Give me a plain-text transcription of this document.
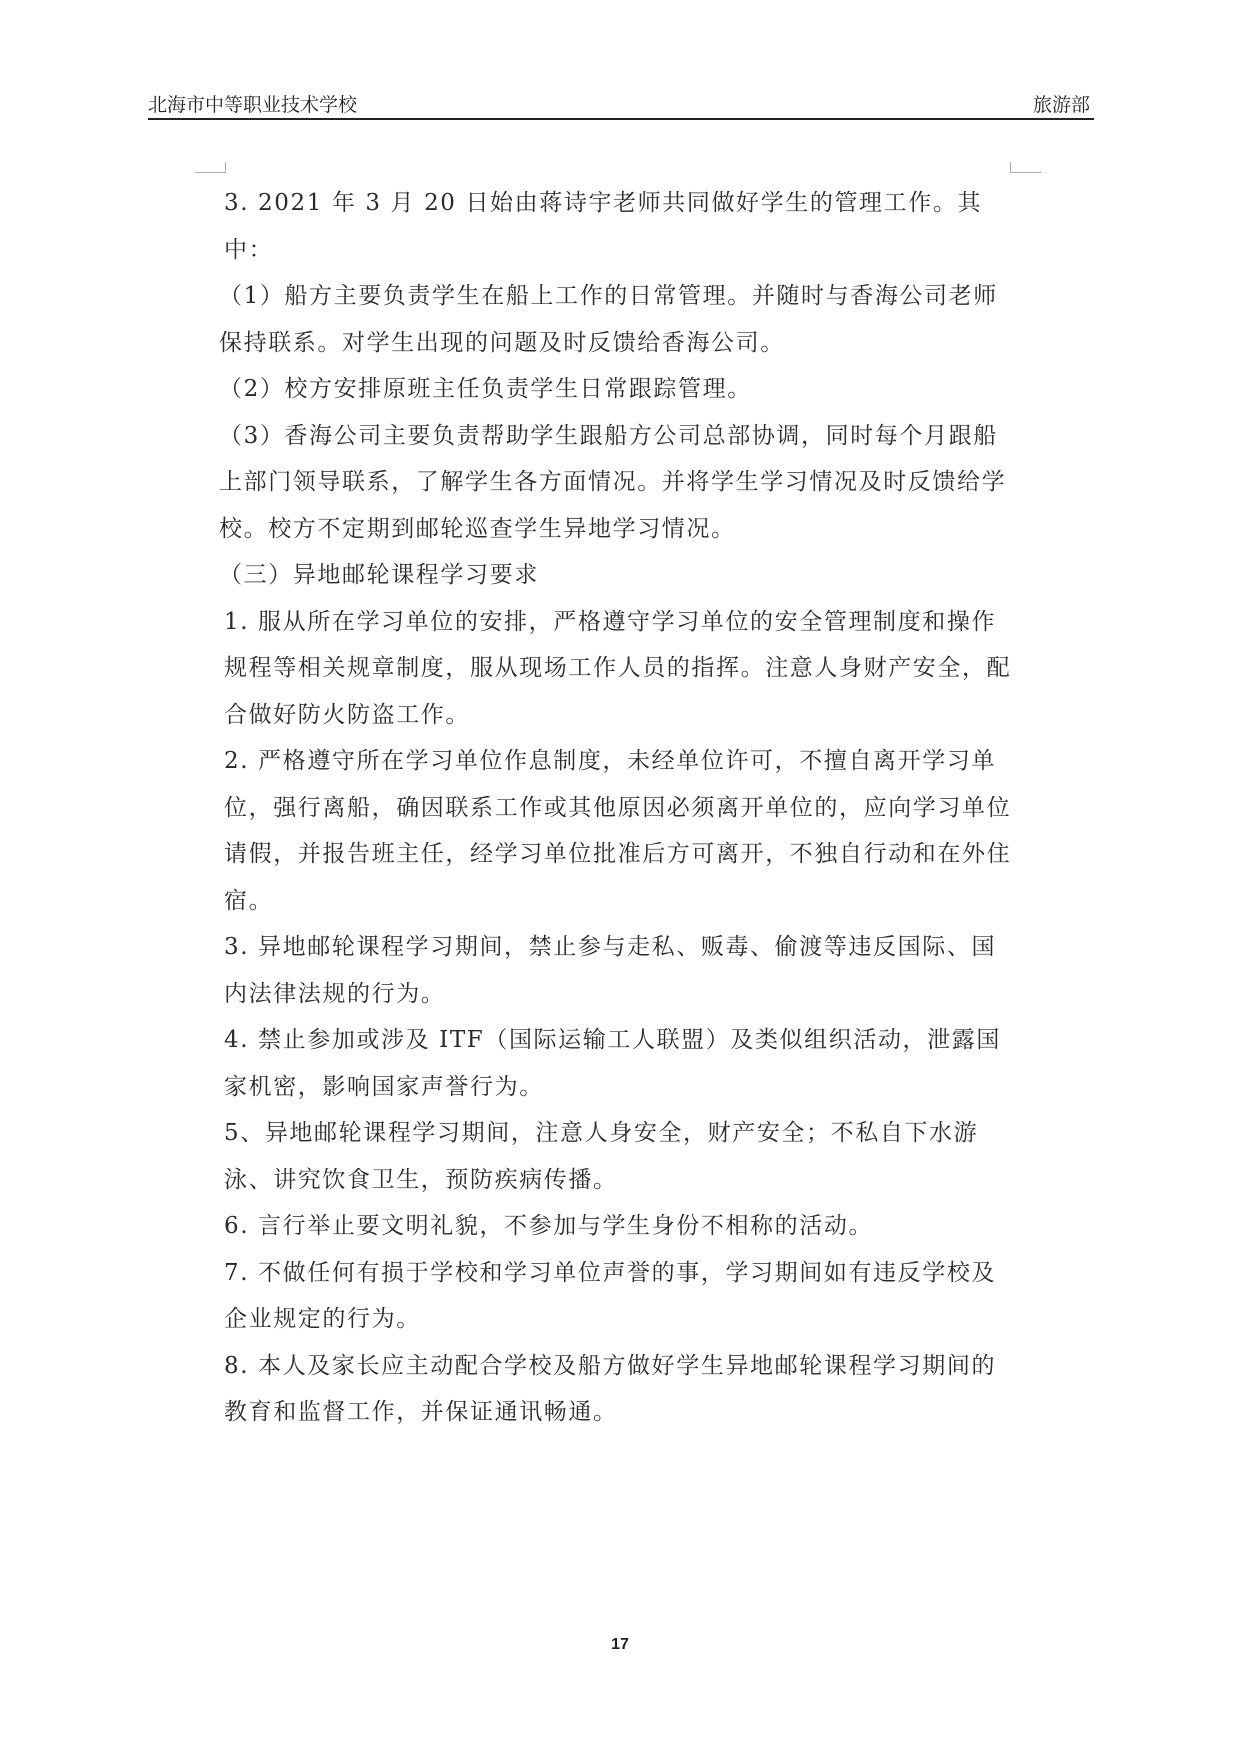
北海市中等职业技术学校	旅游部

3. 2021 年 3 月 20 日始由蒋诗宇老师共同做好学生的管理工作。其中：

（1）船方主要负责学生在船上工作的日常管理。并随时与香海公司老师保持联系。对学生出现的问题及时反馈给香海公司。

（2）校方安排原班主任负责学生日常跟踪管理。

（3）香海公司主要负责帮助学生跟船方公司总部协调，同时每个月跟船上部门领导联系，了解学生各方面情况。并将学生学习情况及时反馈给学校。校方不定期到邮轮巡查学生异地学习情况。

（三）异地邮轮课程学习要求

1. 服从所在学习单位的安排，严格遵守学习单位的安全管理制度和操作规程等相关规章制度，服从现场工作人员的指挥。注意人身财产安全，配合做好防火防盗工作。

2. 严格遵守所在学习单位作息制度，未经单位许可，不擅自离开学习单位，强行离船，确因联系工作或其他原因必须离开单位的，应向学习单位请假，并报告班主任，经学习单位批准后方可离开，不独自行动和在外住宿。

3. 异地邮轮课程学习期间，禁止参与走私、贩毒、偷渡等违反国际、国内法律法规的行为。

4. 禁止参加或涉及 ITF（国际运输工人联盟）及类似组织活动，泄露国家机密，影响国家声誉行为。

5、异地邮轮课程学习期间，注意人身安全，财产安全；不私自下水游泳、讲究饮食卫生，预防疾病传播。

6. 言行举止要文明礼貌，不参加与学生身份不相称的活动。

7. 不做任何有损于学校和学习单位声誉的事，学习期间如有违反学校及企业规定的行为。

8. 本人及家长应主动配合学校及船方做好学生异地邮轮课程学习期间的教育和监督工作，并保证通讯畅通。

17
